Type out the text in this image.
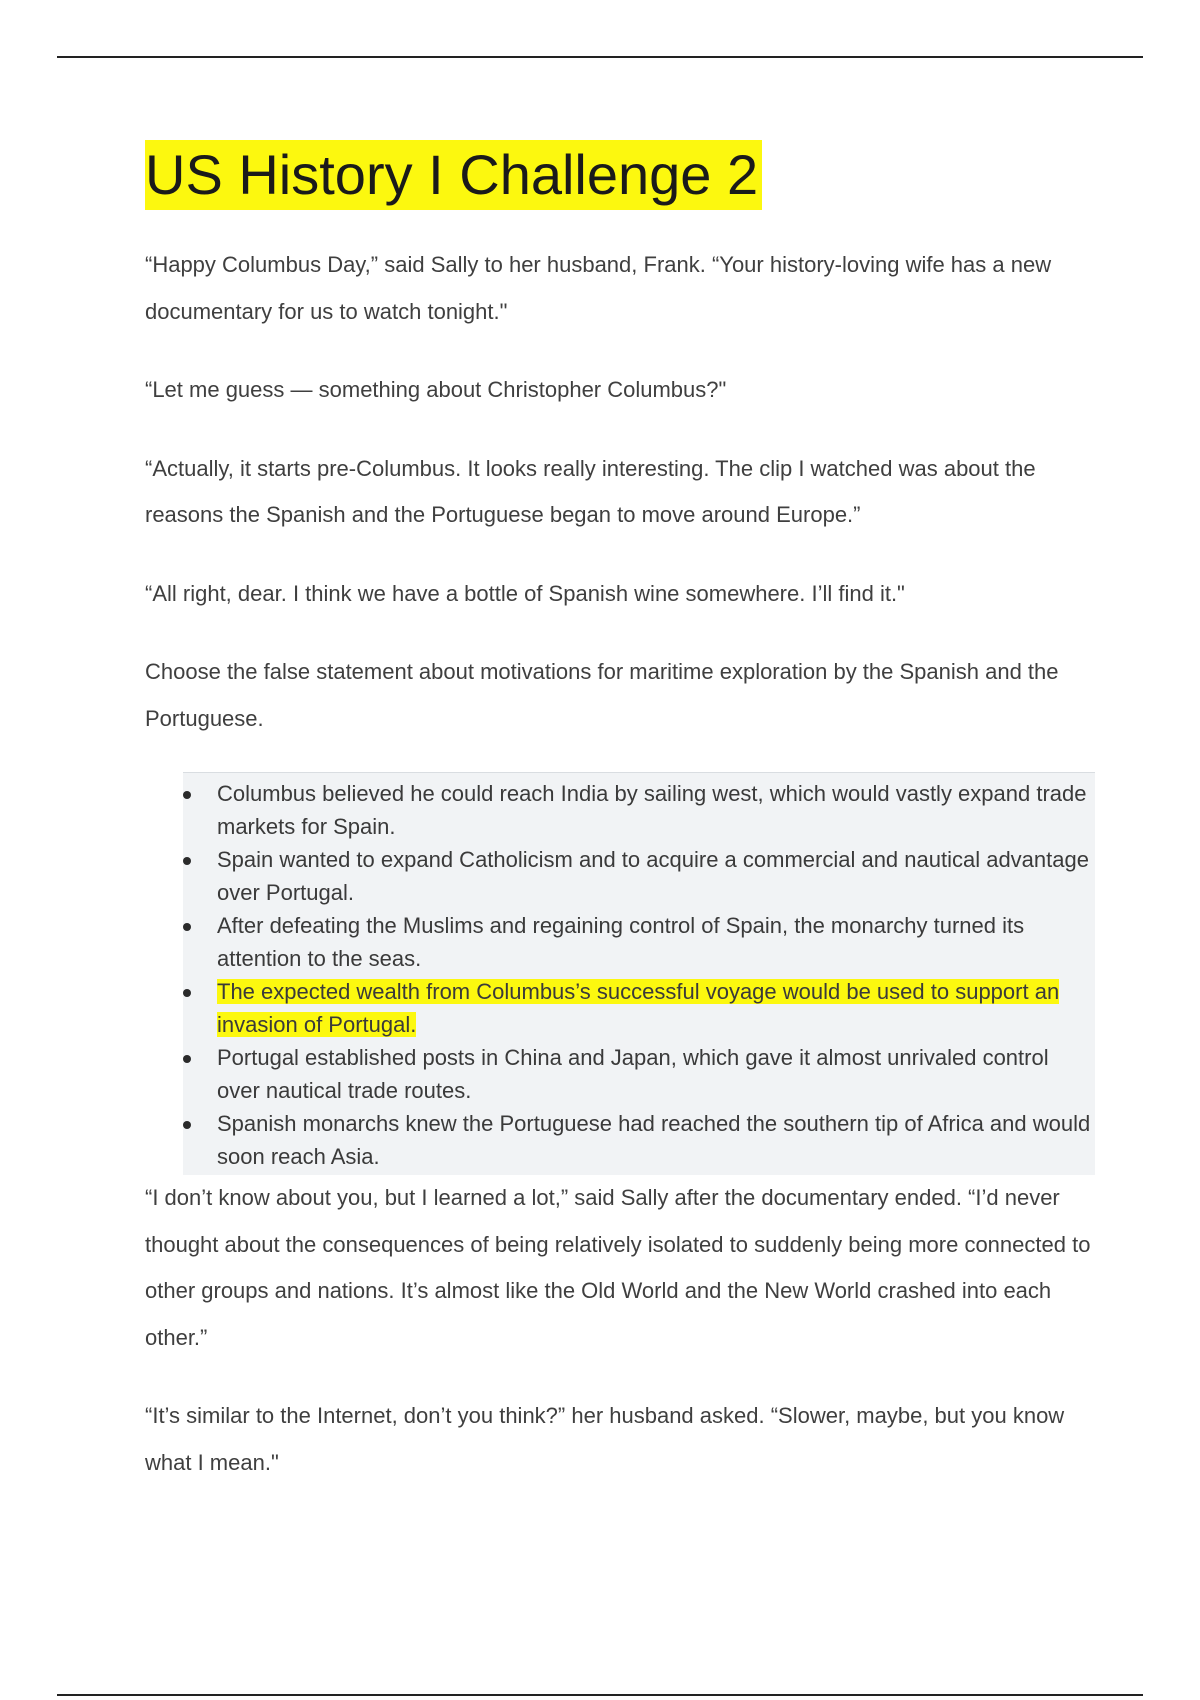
US History I Challenge 2

“Happy Columbus Day,” said Sally to her husband, Frank. “Your history-loving wife has a new documentary for us to watch tonight."

“Let me guess — something about Christopher Columbus?"

“Actually, it starts pre-Columbus. It looks really interesting. The clip I watched was about the reasons the Spanish and the Portuguese began to move around Europe.”

“All right, dear. I think we have a bottle of Spanish wine somewhere. I’ll find it."

Choose the false statement about motivations for maritime exploration by the Spanish and the Portuguese.

Columbus believed he could reach India by sailing west, which would vastly expand trade markets for Spain.
Spain wanted to expand Catholicism and to acquire a commercial and nautical advantage over Portugal.
After defeating the Muslims and regaining control of Spain, the monarchy turned its attention to the seas.
The expected wealth from Columbus’s successful voyage would be used to support an invasion of Portugal.
Portugal established posts in China and Japan, which gave it almost unrivaled control over nautical trade routes.
Spanish monarchs knew the Portuguese had reached the southern tip of Africa and would soon reach Asia.

“I don’t know about you, but I learned a lot,” said Sally after the documentary ended. “I’d never thought about the consequences of being relatively isolated to suddenly being more connected to other groups and nations. It’s almost like the Old World and the New World crashed into each other.”

“It’s similar to the Internet, don’t you think?” her husband asked. “Slower, maybe, but you know what I mean."
